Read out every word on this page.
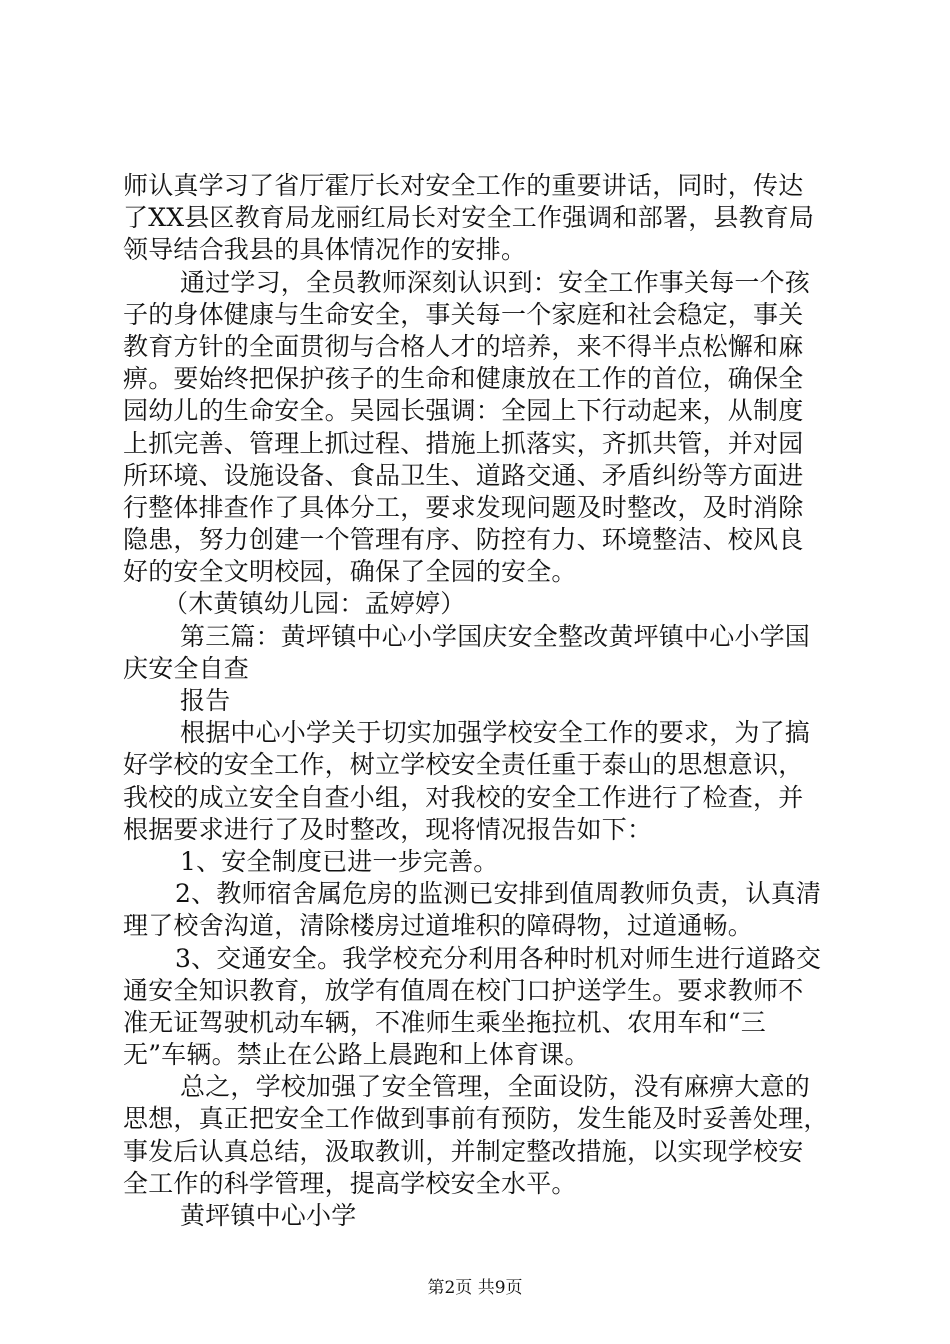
师认真学习了省厅霍厅长对安全工作的重要讲话，同时，传达
了XX县区教育局龙丽红局长对安全工作强调和部署，县教育局
领导结合我县的具体情况作的安排。
通过学习，全员教师深刻认识到：安全工作事关每一个孩
子的身体健康与生命安全，事关每一个家庭和社会稳定，事关
教育方针的全面贯彻与合格人才的培养，来不得半点松懈和麻
痹。要始终把保护孩子的生命和健康放在工作的首位，确保全
园幼儿的生命安全。吴园长强调：全园上下行动起来，从制度
上抓完善、管理上抓过程、措施上抓落实，齐抓共管，并对园
所环境、设施设备、食品卫生、道路交通、矛盾纠纷等方面进
行整体排查作了具体分工，要求发现问题及时整改，及时消除
隐患，努力创建一个管理有序、防控有力、环境整洁、校风良
好的安全文明校园，确保了全园的安全。
（木黄镇幼儿园：孟婷婷）
第三篇：黄坪镇中心小学国庆安全整改黄坪镇中心小学国
庆安全自查
报告
根据中心小学关于切实加强学校安全工作的要求，为了搞
好学校的安全工作，树立学校安全责任重于泰山的思想意识，
我校的成立安全自查小组，对我校的安全工作进行了检查，并
根据要求进行了及时整改，现将情况报告如下：
1、安全制度已进一步完善。
2、教师宿舍属危房的监测已安排到值周教师负责，认真清
理了校舍沟道，清除楼房过道堆积的障碍物，过道通畅。
3、交通安全。我学校充分利用各种时机对师生进行道路交
通安全知识教育，放学有值周在校门口护送学生。要求教师不
准无证驾驶机动车辆，不准师生乘坐拖拉机、农用车和“三
无”车辆。禁止在公路上晨跑和上体育课。
总之，学校加强了安全管理，全面设防，没有麻痹大意的
思想，真正把安全工作做到事前有预防，发生能及时妥善处理，
事发后认真总结，汲取教训，并制定整改措施，以实现学校安
全工作的科学管理，提高学校安全水平。
黄坪镇中心小学
第2页 共9页
